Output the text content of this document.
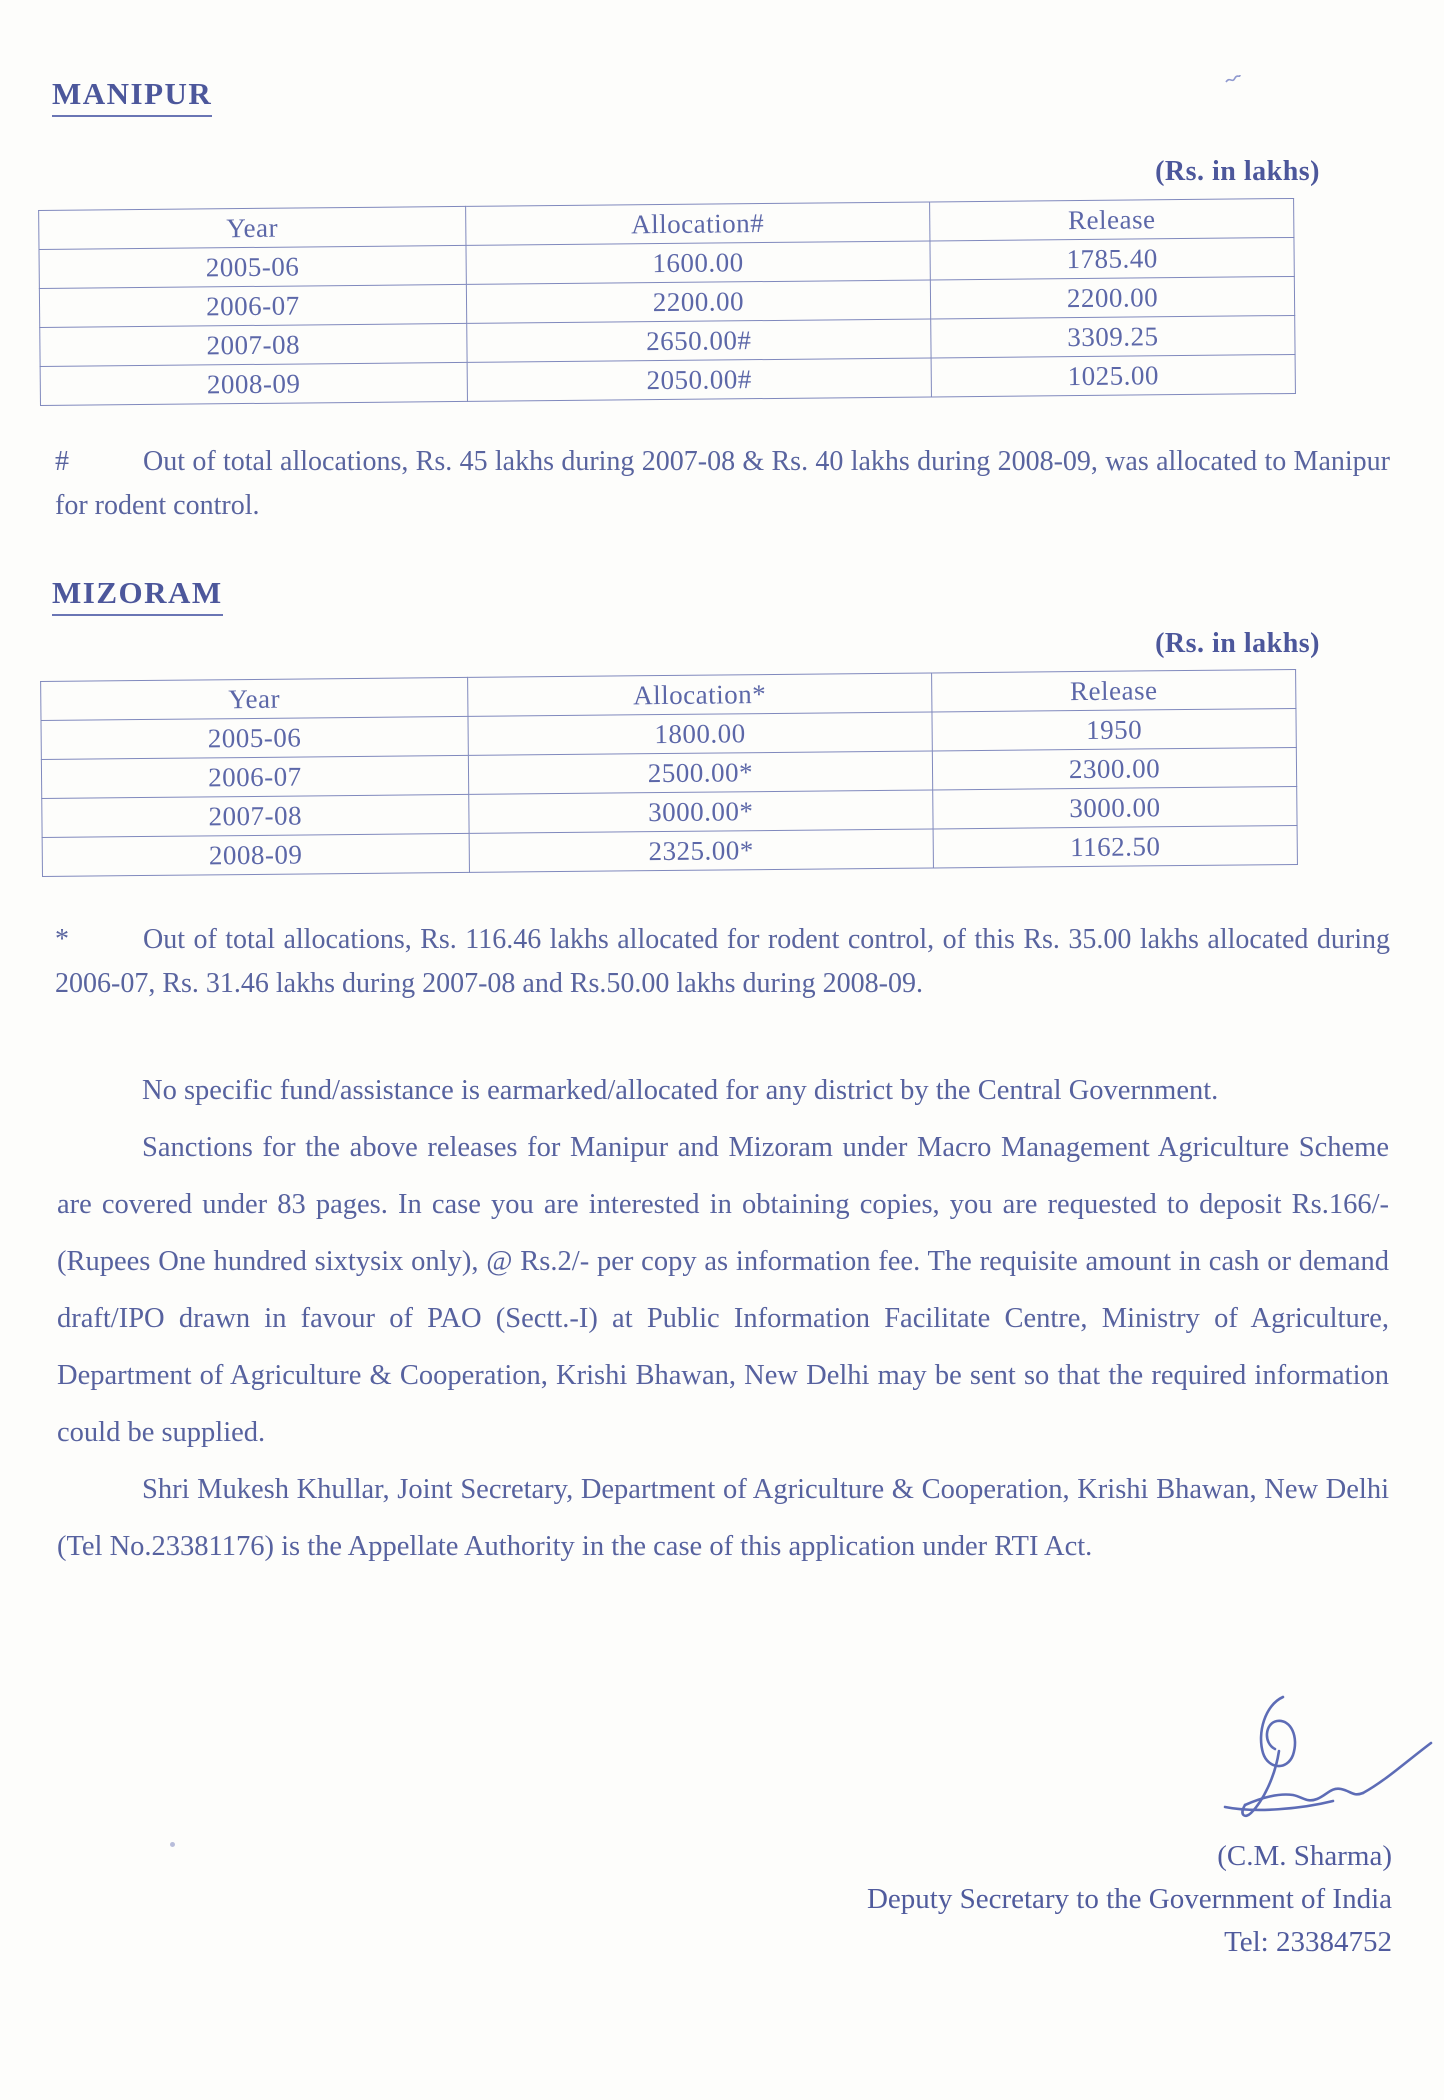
MANIPUR
(Rs. in lakhs)
Year	Allocation#	Release
2005-06	1600.00	1785.40
2006-07	2200.00	2200.00
2007-08	2650.00#	3309.25
2008-09	2050.00#	1025.00
#	Out of total allocations, Rs. 45 lakhs during 2007-08 & Rs. 40 lakhs during 2008-09, was allocated to Manipur for rodent control.
MIZORAM
(Rs. in lakhs)
Year	Allocation*	Release
2005-06	1800.00	1950
2006-07	2500.00*	2300.00
2007-08	3000.00*	3000.00
2008-09	2325.00*	1162.50
*	Out of total allocations, Rs. 116.46 lakhs allocated for rodent control, of this Rs. 35.00 lakhs allocated during 2006-07, Rs. 31.46 lakhs during 2007-08 and Rs.50.00 lakhs during 2008-09.

No specific fund/assistance is earmarked/allocated for any district by the Central Government.

Sanctions for the above releases for Manipur and Mizoram under Macro Management Agriculture Scheme are covered under 83 pages. In case you are interested in obtaining copies, you are requested to deposit Rs.166/- (Rupees One hundred sixtysix only), @ Rs.2/- per copy as information fee. The requisite amount in cash or demand draft/IPO drawn in favour of PAO (Sectt.-I) at Public Information Facilitate Centre, Ministry of Agriculture, Department of Agriculture & Cooperation, Krishi Bhawan, New Delhi may be sent so that the required information could be supplied.

Shri Mukesh Khullar, Joint Secretary, Department of Agriculture & Cooperation, Krishi Bhawan, New Delhi (Tel No.23381176) is the Appellate Authority in the case of this application under RTI Act.

(C.M. Sharma)
Deputy Secretary to the Government of India
Tel: 23384752
